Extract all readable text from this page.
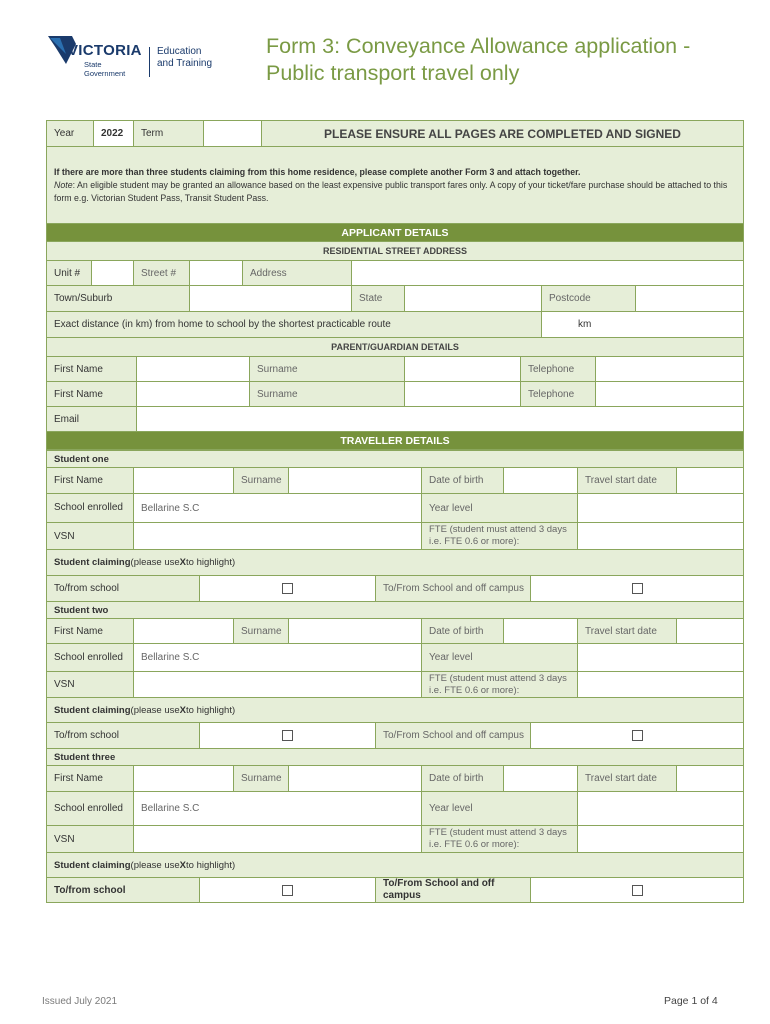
VICTORIA
State
Government
Education
and Training
Form 3: Conveyance Allowance application - Public transport travel only
Year	2022	Term	PLEASE ENSURE ALL PAGES ARE COMPLETED AND SIGNED
If there are more than three students claiming from this home residence, please complete another Form 3 and attach together.
Note: An eligible student may be granted an allowance based on the least expensive public transport fares only. A copy of your ticket/fare purchase should be attached to this form e.g. Victorian Student Pass, Transit Student Pass.
APPLICANT DETAILS
RESIDENTIAL STREET ADDRESS
Unit #	Street #	Address
Town/Suburb	State	Postcode
Exact distance (in km) from home to school by the shortest practicable route	km
PARENT/GUARDIAN DETAILS
First Name	Surname	Telephone
First Name	Surname	Telephone
Email
TRAVELLER DETAILS
Student one
First Name	Surname	Date of birth	Travel start date
School enrolled	Bellarine S.C	Year level
VSN
FTE (student must attend 3 days i.e. FTE 0.6 or more):
Student claiming (please use X to highlight)
To/from school	To/From School and off campus
Student two
First Name	Surname	Date of birth	Travel start date
School enrolled	Bellarine S.C	Year level
VSN
FTE (student must attend 3 days i.e. FTE 0.6 or more):
Student claiming (please use X to highlight)
To/from school	To/From School and off campus
Student three
First Name	Surname	Date of birth	Travel start date
School enrolled	Bellarine S.C	Year level
VSN
FTE (student must attend 3 days i.e. FTE 0.6 or more):
Student claiming (please use X to highlight)
To/from school
To/From School and off campus
Issued July 2021	Page 1 of 4
